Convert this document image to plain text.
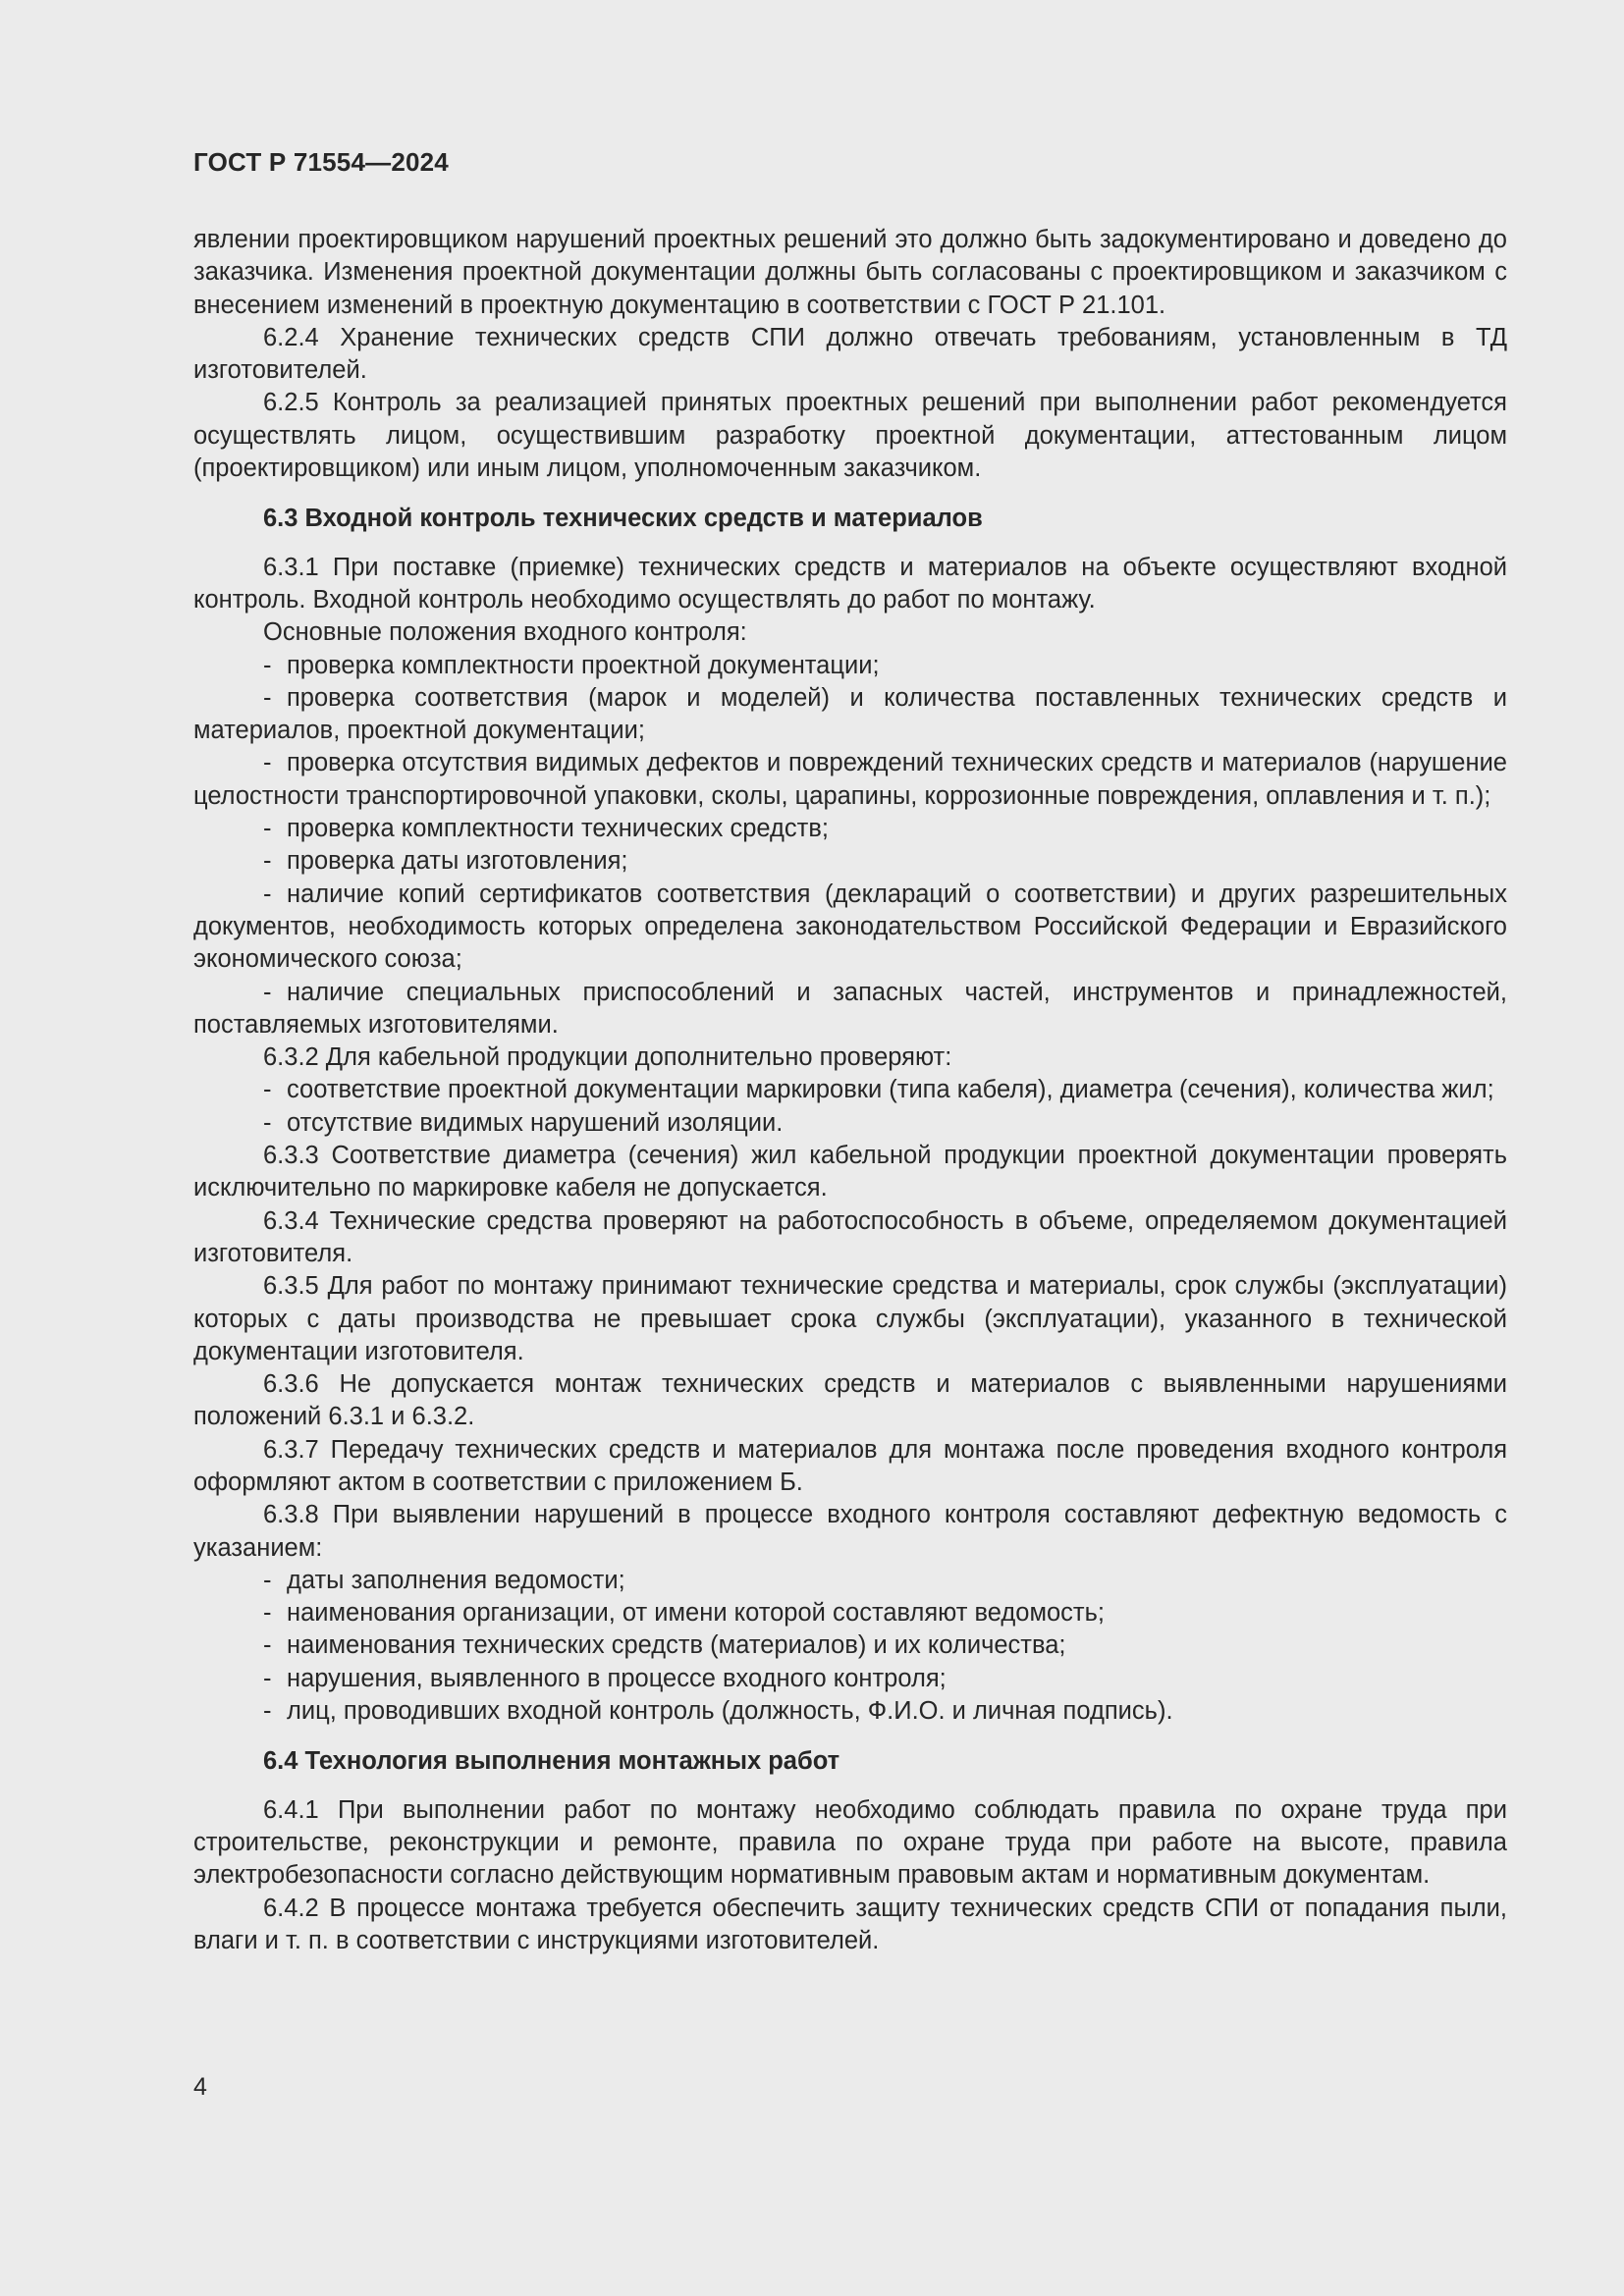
ГОСТ Р 71554—2024

явлении проектировщиком нарушений проектных решений это должно быть задокументировано и доведено до заказчика. Изменения проектной документации должны быть согласованы с проектировщиком и заказчиком с внесением изменений в проектную документацию в соответствии с ГОСТ Р 21.101.

6.2.4 Хранение технических средств СПИ должно отвечать требованиям, установленным в ТД изготовителей.

6.2.5 Контроль за реализацией принятых проектных решений при выполнении работ рекомендуется осуществлять лицом, осуществившим разработку проектной документации, аттестованным лицом (проектировщиком) или иным лицом, уполномоченным заказчиком.

6.3 Входной контроль технических средств и материалов

6.3.1 При поставке (приемке) технических средств и материалов на объекте осуществляют входной контроль. Входной контроль необходимо осуществлять до работ по монтажу.

Основные положения входного контроля:

- проверка комплектности проектной документации;

- проверка соответствия (марок и моделей) и количества поставленных технических средств и материалов, проектной документации;

- проверка отсутствия видимых дефектов и повреждений технических средств и материалов (нарушение целостности транспортировочной упаковки, сколы, царапины, коррозионные повреждения, оплавления и т. п.);

- проверка комплектности технических средств;

- проверка даты изготовления;

- наличие копий сертификатов соответствия (деклараций о соответствии) и других разрешительных документов, необходимость которых определена законодательством Российской Федерации и Евразийского экономического союза;

- наличие специальных приспособлений и запасных частей, инструментов и принадлежностей, поставляемых изготовителями.

6.3.2 Для кабельной продукции дополнительно проверяют:

- соответствие проектной документации маркировки (типа кабеля), диаметра (сечения), количества жил;

- отсутствие видимых нарушений изоляции.

6.3.3 Соответствие диаметра (сечения) жил кабельной продукции проектной документации проверять исключительно по маркировке кабеля не допускается.

6.3.4 Технические средства проверяют на работоспособность в объеме, определяемом документацией изготовителя.

6.3.5 Для работ по монтажу принимают технические средства и материалы, срок службы (эксплуатации) которых с даты производства не превышает срока службы (эксплуатации), указанного в технической документации изготовителя.

6.3.6 Не допускается монтаж технических средств и материалов с выявленными нарушениями положений 6.3.1 и 6.3.2.

6.3.7 Передачу технических средств и материалов для монтажа после проведения входного контроля оформляют актом в соответствии с приложением Б.

6.3.8 При выявлении нарушений в процессе входного контроля составляют дефектную ведомость с указанием:

- даты заполнения ведомости;

- наименования организации, от имени которой составляют ведомость;

- наименования технических средств (материалов) и их количества;

- нарушения, выявленного в процессе входного контроля;

- лиц, проводивших входной контроль (должность, Ф.И.О. и личная подпись).

6.4 Технология выполнения монтажных работ

6.4.1 При выполнении работ по монтажу необходимо соблюдать правила по охране труда при строительстве, реконструкции и ремонте, правила по охране труда при работе на высоте, правила электробезопасности согласно действующим нормативным правовым актам и нормативным документам.

6.4.2 В процессе монтажа требуется обеспечить защиту технических средств СПИ от попадания пыли, влаги и т. п. в соответствии с инструкциями изготовителей.

4
